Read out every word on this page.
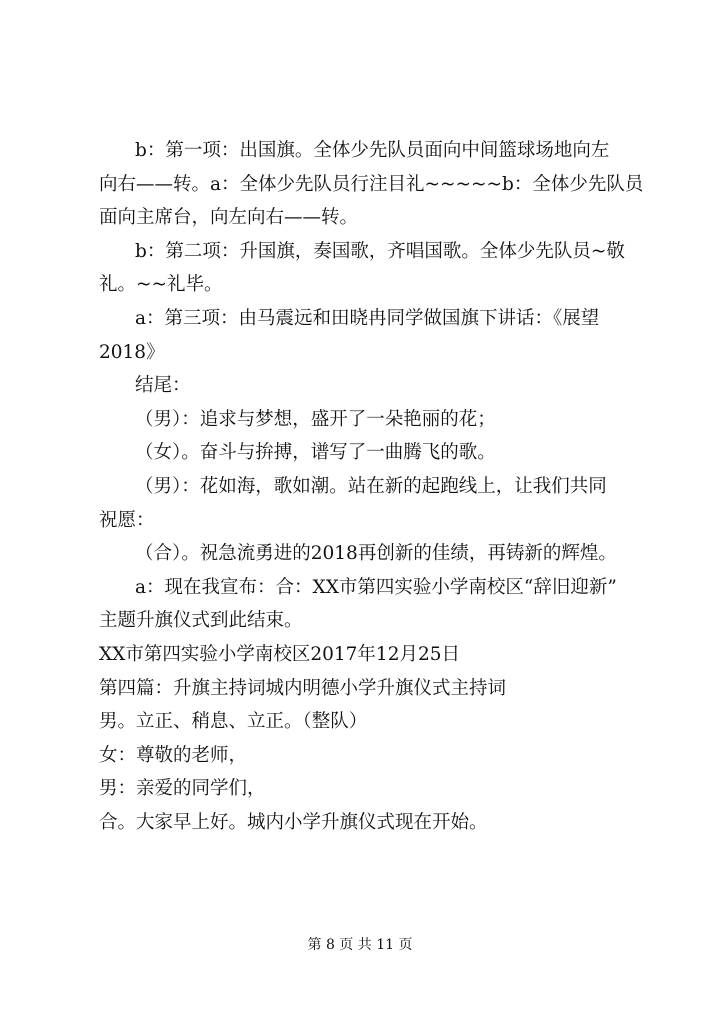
b：第一项：出国旗。全体少先队员面向中间篮球场地向左

向右——转。a：全体少先队员行注目礼~~~~~b：全体少先队员

面向主席台，向左向右——转。

b：第二项：升国旗，奏国歌，齐唱国歌。全体少先队员~敬

礼。~~礼毕。

a：第三项：由马震远和田晓冉同学做国旗下讲话：《展望

2018》

结尾：

（男）：追求与梦想，盛开了一朵艳丽的花；

（女）。奋斗与拚搏，谱写了一曲腾飞的歌。

（男）：花如海，歌如潮。站在新的起跑线上，让我们共同

祝愿：

（合）。祝急流勇进的2018再创新的佳绩，再铸新的辉煌。

a：现在我宣布：合：XX市第四实验小学南校区“辞旧迎新”

主题升旗仪式到此结束。

XX市第四实验小学南校区2017年12月25日

第四篇：升旗主持词城内明德小学升旗仪式主持词

男。立正、稍息、立正。（整队）

女：尊敬的老师，

男：亲爱的同学们，

合。大家早上好。城内小学升旗仪式现在开始。

第 8 页 共 11 页
